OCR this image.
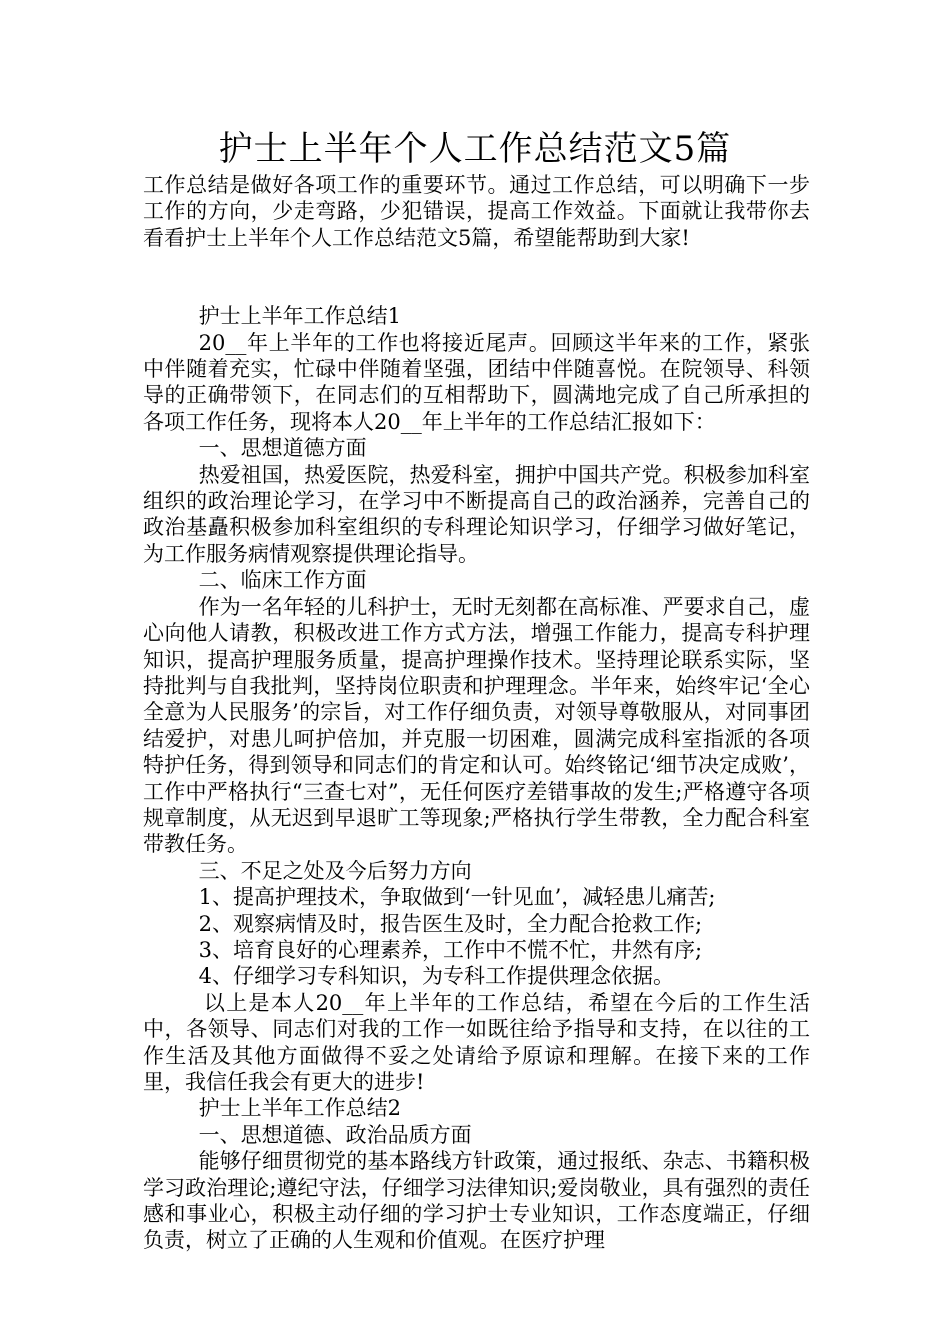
护士上半年个人工作总结范文5篇

工作总结是做好各项工作的重要环节。通过工作总结，可以明确下一步工作的方向，少走弯路，少犯错误，提高工作效益。下面就让我带你去看看护士上半年个人工作总结范文5篇，希望能帮助到大家!

护士上半年工作总结1

20__年上半年的工作也将接近尾声。回顾这半年来的工作，紧张中伴随着充实，忙碌中伴随着坚强，团结中伴随喜悦。在院领导、科领导的正确带领下，在同志们的互相帮助下，圆满地完成了自己所承担的各项工作任务，现将本人20__年上半年的工作总结汇报如下：

一、思想道德方面

热爱祖国，热爱医院，热爱科室，拥护中国共产党。积极参加科室组织的政治理论学习，在学习中不断提高自己的政治涵养，完善自己的政治基矗积极参加科室组织的专科理论知识学习，仔细学习做好笔记，为工作服务病情观察提供理论指导。

二、临床工作方面

作为一名年轻的儿科护士，无时无刻都在高标准、严要求自己，虚心向他人请教，积极改进工作方式方法，增强工作能力，提高专科护理知识，提高护理服务质量，提高护理操作技术。坚持理论联系实际，坚持批判与自我批判，坚持岗位职责和护理理念。半年来，始终牢记‘全心全意为人民服务’的宗旨，对工作仔细负责，对领导尊敬服从，对同事团结爱护，对患儿呵护倍加，并克服一切困难，圆满完成科室指派的各项特护任务，得到领导和同志们的肯定和认可。始终铭记‘细节决定成败’，工作中严格执行“三查七对”，无任何医疗差错事故的发生;严格遵守各项规章制度，从无迟到早退旷工等现象;严格执行学生带教，全力配合科室带教任务。

三、不足之处及今后努力方向

1、提高护理技术，争取做到‘一针见血’，减轻患儿痛苦;

2、观察病情及时，报告医生及时，全力配合抢救工作;

3、培育良好的心理素养，工作中不慌不忙，井然有序;

4、仔细学习专科知识，为专科工作提供理念依据。

以上是本人20__年上半年的工作总结，希望在今后的工作生活中，各领导、同志们对我的工作一如既往给予指导和支持，在以往的工作生活及其他方面做得不妥之处请给予原谅和理解。在接下来的工作里，我信任我会有更大的进步!

护士上半年工作总结2

一、思想道德、政治品质方面

能够仔细贯彻党的基本路线方针政策，通过报纸、杂志、书籍积极学习政治理论;遵纪守法，仔细学习法律知识;爱岗敬业，具有强烈的责任感和事业心，积极主动仔细的学习护士专业知识，工作态度端正，仔细负责，树立了正确的人生观和价值观。在医疗护理
